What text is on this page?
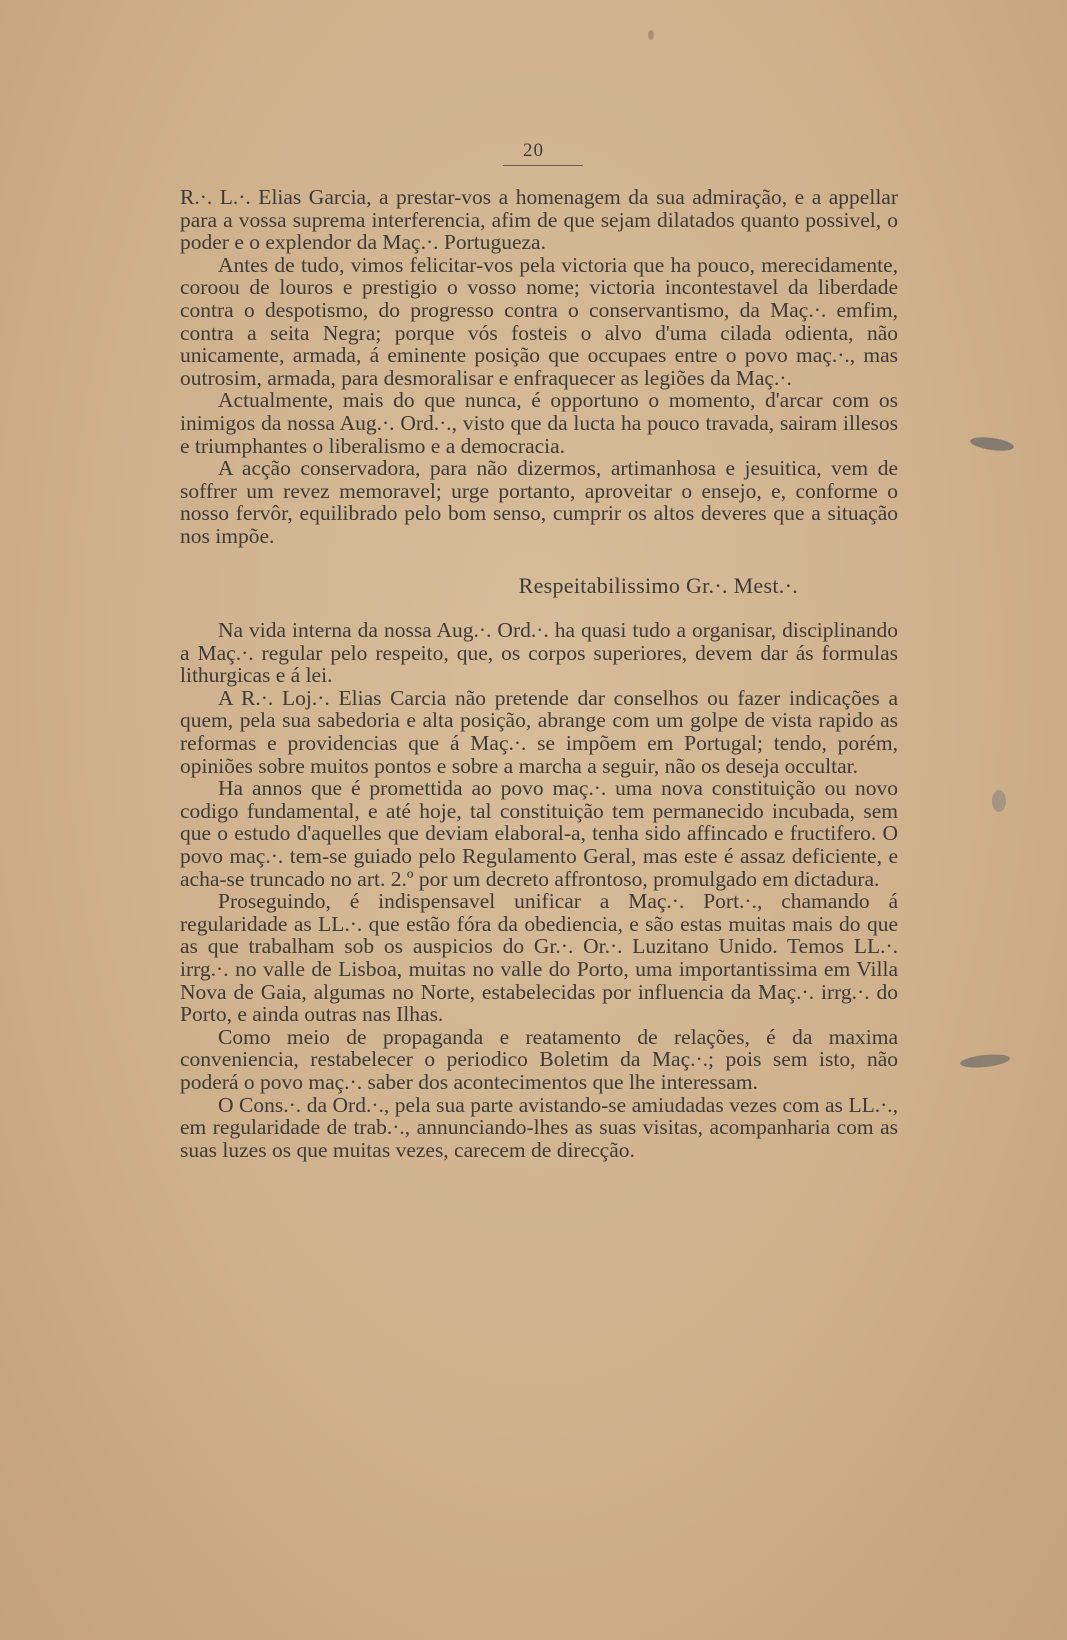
20

R.·. L.·. Elias Garcia, a prestar-vos a homenagem da sua admiração, e a appellar para a vossa suprema interferencia, afim de que sejam dilatados quanto possivel, o poder e o explendor da Maç.·. Portugueza.

Antes de tudo, vimos felicitar-vos pela victoria que ha pouco, merecidamente, coroou de louros e prestigio o vosso nome; victoria incontestavel da liberdade contra o despotismo, do progresso contra o conservantismo, da Maç.·. emfim, contra a seita Negra; porque vós fosteis o alvo d'uma cilada odienta, não unicamente, armada, á eminente posição que occupaes entre o povo maç.·., mas outrosim, armada, para desmoralisar e enfraquecer as legiões da Maç.·.

Actualmente, mais do que nunca, é opportuno o momento, d'arcar com os inimigos da nossa Aug.·. Ord.·., visto que da lucta ha pouco travada, sairam illesos e triumphantes o liberalismo e a democracia.

A acção conservadora, para não dizermos, artimanhosa e jesuitica, vem de soffrer um revez memoravel; urge portanto, aproveitar o ensejo, e, conforme o nosso fervôr, equilibrado pelo bom senso, cumprir os altos deveres que a situação nos impõe.

Respeitabilissimo Gr.·. Mest.·.

Na vida interna da nossa Aug.·. Ord.·. ha quasi tudo a organisar, disciplinando a Maç.·. regular pelo respeito, que, os corpos superiores, devem dar ás formulas lithurgicas e á lei.

A R.·. Loj.·. Elias Carcia não pretende dar conselhos ou fazer indicações a quem, pela sua sabedoria e alta posição, abrange com um golpe de vista rapido as reformas e providencias que á Maç.·. se impõem em Portugal; tendo, porém, opiniões sobre muitos pontos e sobre a marcha a seguir, não os deseja occultar.

Ha annos que é promettida ao povo maç.·. uma nova constituição ou novo codigo fundamental, e até hoje, tal constituição tem permanecido incubada, sem que o estudo d'aquelles que deviam elaboral-a, tenha sido affincado e fructifero. O povo maç.·. tem-se guiado pelo Regulamento Geral, mas este é assaz deficiente, e acha-se truncado no art. 2.º por um decreto affrontoso, promulgado em dictadura.

Proseguindo, é indispensavel unificar a Maç.·. Port.·., chamando á regularidade as LL.·. que estão fóra da obediencia, e são estas muitas mais do que as que trabalham sob os auspicios do Gr.·. Or.·. Luzitano Unido. Temos LL.·. irrg.·. no valle de Lisboa, muitas no valle do Porto, uma importantissima em Villa Nova de Gaia, algumas no Norte, estabelecidas por influencia da Maç.·. irrg.·. do Porto, e ainda outras nas Ilhas.

Como meio de propaganda e reatamento de relações, é da maxima conveniencia, restabelecer o periodico Boletim da Maç.·.; pois sem isto, não poderá o povo maç.·. saber dos acontecimentos que lhe interessam.

O Cons.·. da Ord.·., pela sua parte avistando-se amiudadas vezes com as LL.·., em regularidade de trab.·., annunciando-lhes as suas visitas, acompanharia com as suas luzes os que muitas vezes, carecem de direcção.
